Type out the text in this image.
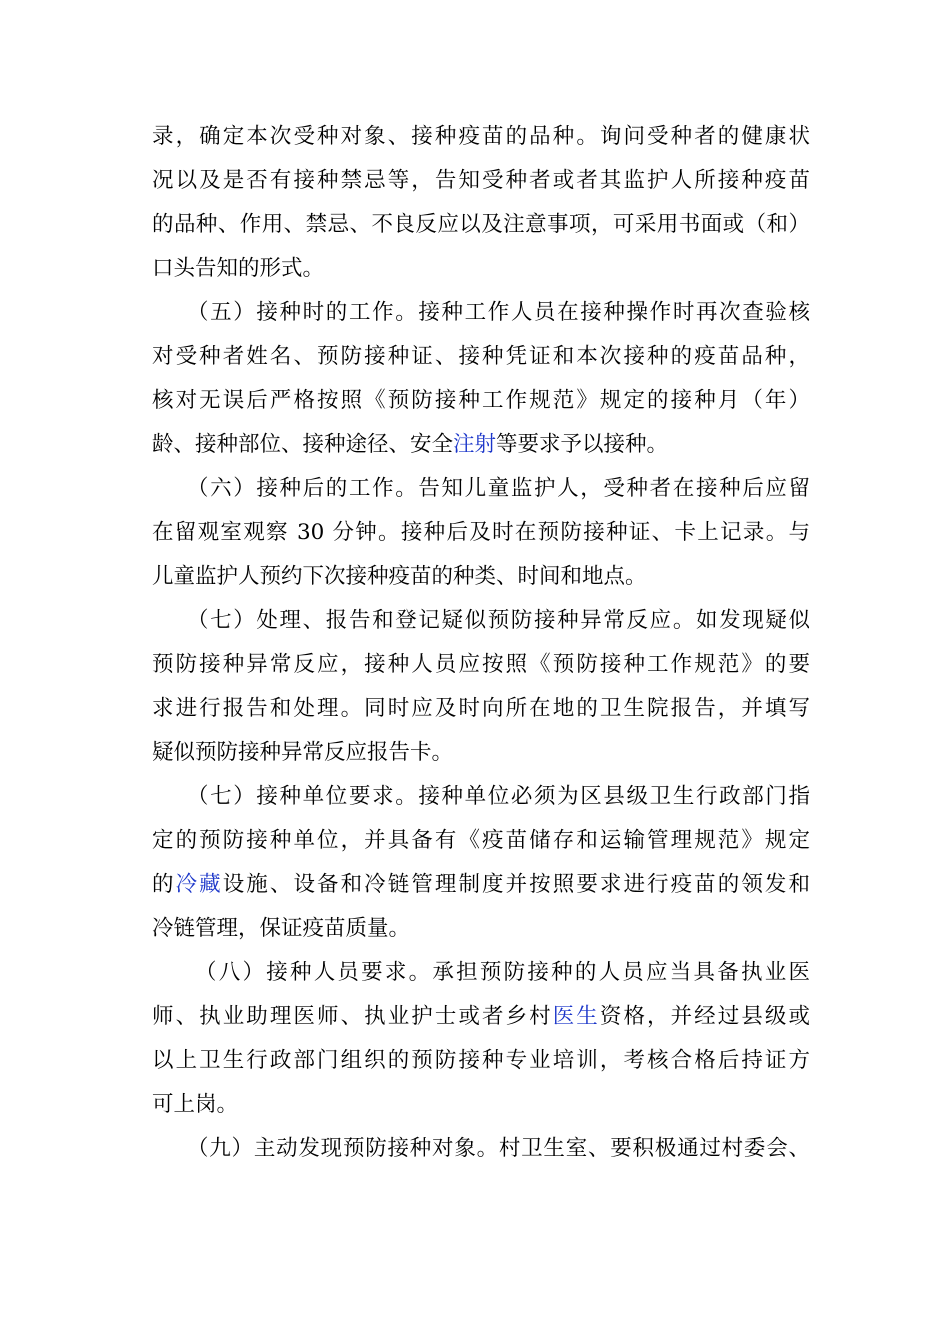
录，确定本次受种对象、接种疫苗的品种。询问受种者的健康状
况以及是否有接种禁忌等，告知受种者或者其监护人所接种疫苗
的品种、作用、禁忌、不良反应以及注意事项，可采用书面或（和）
口头告知的形式。
（五）接种时的工作。接种工作人员在接种操作时再次查验核
对受种者姓名、预防接种证、接种凭证和本次接种的疫苗品种，
核对无误后严格按照《预防接种工作规范》规定的接种月（年）
龄、接种部位、接种途径、安全注射等要求予以接种。
（六）接种后的工作。告知儿童监护人，受种者在接种后应留
在留观室观察 30 分钟。接种后及时在预防接种证、卡上记录。与
儿童监护人预约下次接种疫苗的种类、时间和地点。
（七）处理、报告和登记疑似预防接种异常反应。如发现疑似
预防接种异常反应，接种人员应按照《预防接种工作规范》的要
求进行报告和处理。同时应及时向所在地的卫生院报告，并填写
疑似预防接种异常反应报告卡。
（七）接种单位要求。接种单位必须为区县级卫生行政部门指
定的预防接种单位，并具备有《疫苗储存和运输管理规范》规定
的冷藏设施、设备和冷链管理制度并按照要求进行疫苗的领发和
冷链管理，保证疫苗质量。
（八）接种人员要求。承担预防接种的人员应当具备执业医
师、执业助理医师、执业护士或者乡村医生资格，并经过县级或
以上卫生行政部门组织的预防接种专业培训，考核合格后持证方
可上岗。
（九）主动发现预防接种对象。村卫生室、要积极通过村委会、
